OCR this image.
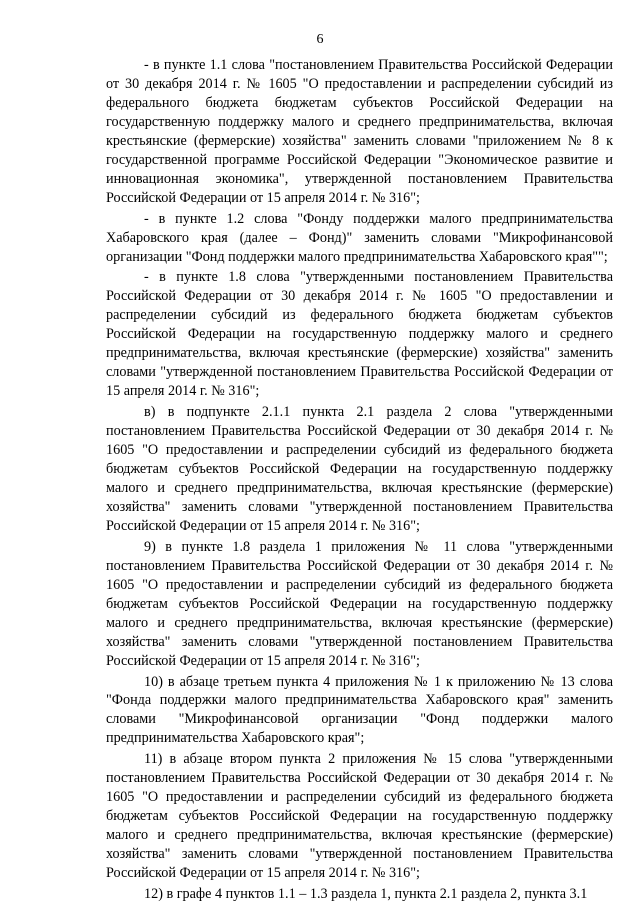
6

- в пункте 1.1 слова "постановлением Правительства Российской Федерации от 30 декабря 2014 г. № 1605 "О предоставлении и распределении субсидий из федерального бюджета бюджетам субъектов Российской Федерации на государственную поддержку малого и среднего предпринимательства, включая крестьянские (фермерские) хозяйства" заменить словами "приложением № 8 к государственной программе Российской Федерации "Экономическое развитие и инновационная экономика", утвержденной постановлением Правительства Российской Федерации от 15 апреля 2014 г. № 316";

- в пункте 1.2 слова "Фонду поддержки малого предпринимательства Хабаровского края (далее – Фонд)" заменить словами "Микрофинансовой организации "Фонд поддержки малого предпринимательства Хабаровского края"";

- в пункте 1.8 слова "утвержденными постановлением Правительства Российской Федерации от 30 декабря 2014 г. № 1605 "О предоставлении и распределении субсидий из федерального бюджета бюджетам субъектов Российской Федерации на государственную поддержку малого и среднего предпринимательства, включая крестьянские (фермерские) хозяйства" заменить словами "утвержденной постановлением Правительства Российской Федерации от 15 апреля 2014 г. № 316";

в) в подпункте 2.1.1 пункта 2.1 раздела 2 слова "утвержденными постановлением Правительства Российской Федерации от 30 декабря 2014 г. № 1605 "О предоставлении и распределении субсидий из федерального бюджета бюджетам субъектов Российской Федерации на государственную поддержку малого и среднего предпринимательства, включая крестьянские (фермерские) хозяйства" заменить словами "утвержденной постановлением Правительства Российской Федерации от 15 апреля 2014 г. № 316";

9) в пункте 1.8 раздела 1 приложения № 11 слова "утвержденными постановлением Правительства Российской Федерации от 30 декабря 2014 г. № 1605 "О предоставлении и распределении субсидий из федерального бюджета бюджетам субъектов Российской Федерации на государственную поддержку малого и среднего предпринимательства, включая крестьянские (фермерские) хозяйства" заменить словами "утвержденной постановлением Правительства Российской Федерации от 15 апреля 2014 г. № 316";

10) в абзаце третьем пункта 4 приложения № 1 к приложению № 13 слова "Фонда поддержки малого предпринимательства Хабаровского края" заменить словами "Микрофинансовой организации "Фонд поддержки малого предпринимательства Хабаровского края";

11) в абзаце втором пункта 2 приложения № 15 слова "утвержденными постановлением Правительства Российской Федерации от 30 декабря 2014 г. № 1605 "О предоставлении и распределении субсидий из федерального бюджета бюджетам субъектов Российской Федерации на государственную поддержку малого и среднего предпринимательства, включая крестьянские (фермерские) хозяйства" заменить словами "утвержденной постановлением Правительства Российской Федерации от 15 апреля 2014 г. № 316";

12) в графе 4 пунктов 1.1 – 1.3 раздела 1, пункта 2.1 раздела 2, пункта 3.1
